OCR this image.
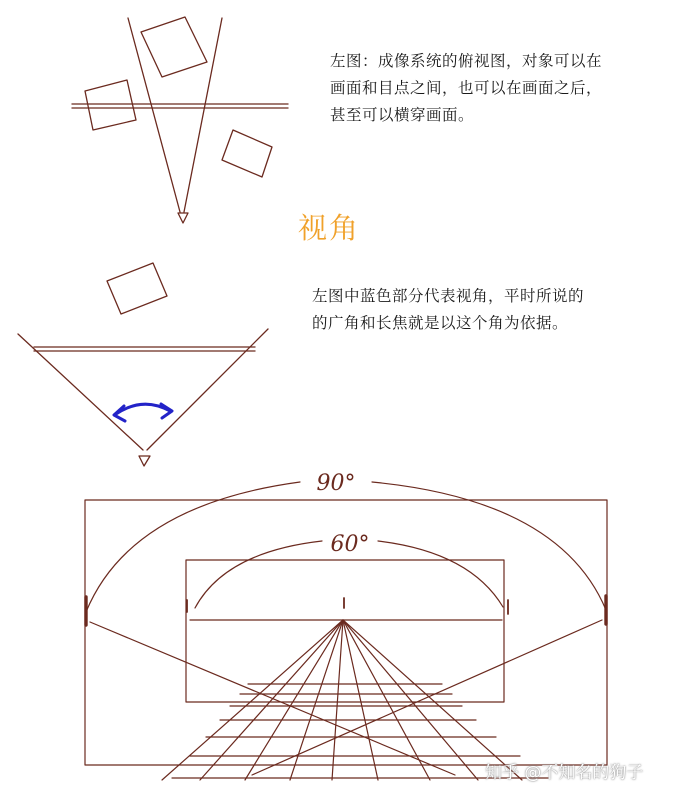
90°
60°

左图：成像系统的俯视图，对象可以在

画面和目点之间，也可以在画面之后，

甚至可以横穿画面。

视角

左图中蓝色部分代表视角，平时所说的

的广角和长焦就是以这个角为依据。

知乎 @不知名的狗子
